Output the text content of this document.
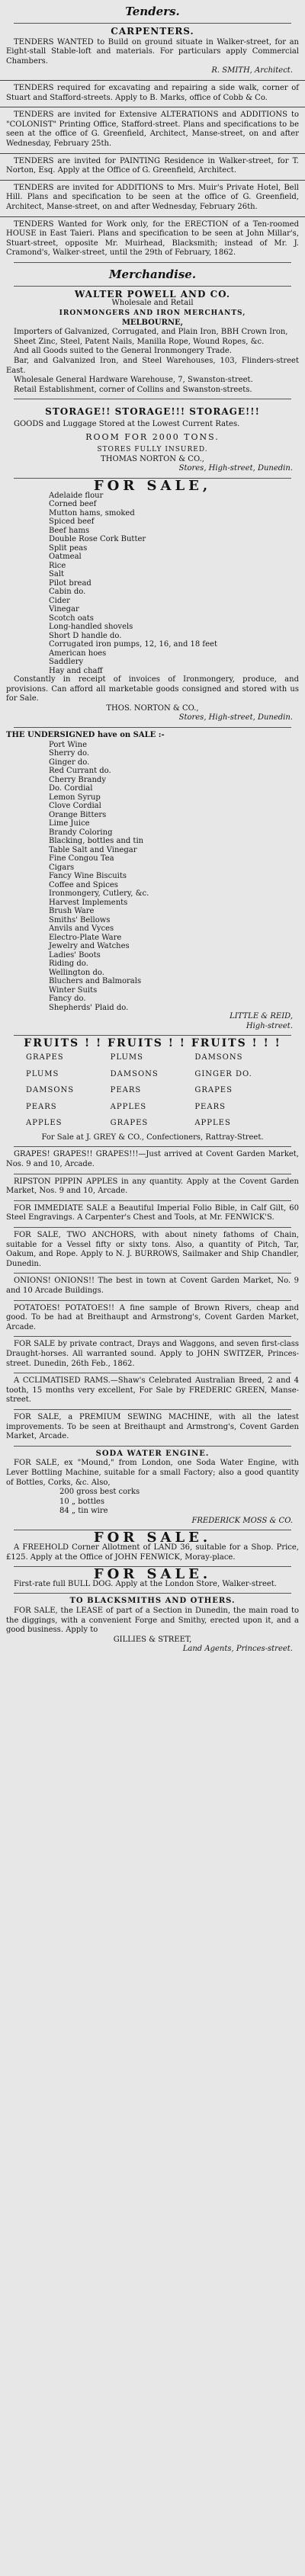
Tenders.
CARPENTERS.
TENDERS WANTED to Build on ground situate in Walker-street, for an Eight-stall Stable-loft and materials. For particulars apply Commercial Chambers.
R. SMITH, Architect.
TENDERS required for excavating and repairing a side walk, corner of Stuart and Stafford-streets. Apply to B. Marks, office of Cobb & Co.
TENDERS are invited for Extensive ALTERATIONS and ADDITIONS to "COLONIST" Printing Office, Stafford-street. Plans and specifications to be seen at the office of G. Greenfield, Architect, Manse-street, on and after Wednesday, February 25th.
TENDERS are invited for PAINTING Residence in Walker-street, for T. Norton, Esq. Apply at the Office of G. Greenfield, Architect.
TENDERS are invited for ADDITIONS to Mrs. Muir's Private Hotel, Bell Hill. Plans and specification to be seen at the office of G. Greenfield, Architect, Manse-street, on and after Wednesday, February 26th.
TENDERS Wanted for Work only, for the ERECTION of a Ten-roomed HOUSE in East Taieri. Plans and specification to be seen at John Millar's, Stuart-street, opposite Mr. Muirhead, Blacksmith; instead of Mr. J. Cramond's, Walker-street, until the 29th of February, 1862.
Merchandise.
WALTER POWELL AND CO.
Wholesale and Retail
IRONMONGERS AND IRON MERCHANTS,
MELBOURNE,
Importers of Galvanized, Corrugated, and Plain Iron, BBH Crown Iron,
Sheet Zinc, Steel, Patent Nails, Manilla Rope, Wound Ropes, &c.
And all Goods suited to the General Ironmongery Trade.
Bar, and Galvanized Iron, and Steel Warehouses, 103, Flinders-street East.
Wholesale General Hardware Warehouse, 7, Swanston-street.
Retail Establishment, corner of Collins and Swanston-streets.
STORAGE!! STORAGE!!! STORAGE!!!
GOODS and Luggage Stored at the Lowest Current Rates.
ROOM FOR 2000 TONS.
STORES FULLY INSURED.
THOMAS NORTON & CO.,
Stores, High-street, Dunedin.
FOR SALE,
Adelaide flour
Corned beef
Mutton hams, smoked
Spiced beef
Beef hams
Double Rose Cork Butter
Split peas
Oatmeal
Rice
Salt
Pilot bread
Cabin do.
Cider
Vinegar
Scotch oats
Long-handled shovels
Short D handle do.
Corrugated iron pumps, 12, 16, and 18 feet
American hoes
Saddlery
Hay and chaff
Constantly in receipt of invoices of Ironmongery, produce, and provisions. Can afford all marketable goods consigned and stored with us for Sale.
THOS. NORTON & CO.,
Stores, High-street, Dunedin.
THE UNDERSIGNED have on SALE :-
Port Wine
Sherry do.
Ginger do.
Red Currant do.
Cherry Brandy
Do. Cordial
Lemon Syrup
Clove Cordial
Orange Bitters
Lime Juice
Brandy Coloring
Blacking, bottles and tin
Table Salt and Vinegar
Fine Congou Tea
Cigars
Fancy Wine Biscuits
Coffee and Spices
Ironmongery, Cutlery, &c.
Harvest Implements
Brush Ware
Smiths' Bellows
Anvils and Vyces
Electro-Plate Ware
Jewelry and Watches
Ladies' Boots
Riding do.
Wellington do.
Bluchers and Balmorals
Winter Suits
Fancy do.
Shepherds' Plaid do.
LITTLE & REID,
High-street.
FRUITS ! ! FRUITS ! ! FRUITS ! ! !
GRAPES	PLUMS	DAMSONS
PLUMS	DAMSONS	GINGER DO.
DAMSONS	PEARS	GRAPES
PEARS	APPLES	PEARS
APPLES	GRAPES	APPLES
For Sale at J. GREY & CO., Confectioners, Rattray-Street.
GRAPES! GRAPES!! GRAPES!!!—Just arrived at Covent Garden Market, Nos. 9 and 10, Arcade.
RIPSTON PIPPIN APPLES in any quantity. Apply at the Covent Garden Market, Nos. 9 and 10, Arcade.
FOR IMMEDIATE SALE a Beautiful Imperial Folio Bible, in Calf Gilt, 60 Steel Engravings. A Carpenter's Chest and Tools, at Mr. FENWICK'S.
FOR SALE, TWO ANCHORS, with about ninety fathoms of Chain, suitable for a Vessel fifty or sixty tons. Also, a quantity of Pitch, Tar, Oakum, and Rope. Apply to N. J. BURROWS, Sailmaker and Ship Chandler, Dunedin.
ONIONS! ONIONS!! The best in town at Covent Garden Market, No. 9 and 10 Arcade Buildings.
POTATOES! POTATOES!! A fine sample of Brown Rivers, cheap and good. To be had at Breithaupt and Armstrong's, Covent Garden Market, Arcade.
FOR SALE by private contract, Drays and Waggons, and seven first-class Draught-horses. All warranted sound. Apply to JOHN SWITZER, Princes-street. Dunedin, 26th Feb., 1862.
A CCLIMATISED RAMS.—Shaw's Celebrated Australian Breed, 2 and 4 tooth, 15 months very excellent, For Sale by FREDERIC GREEN, Manse-street.
FOR SALE, a PREMIUM SEWING MACHINE, with all the latest improvements. To be seen at Breithaupt and Armstrong's, Covent Garden Market, Arcade.
SODA WATER ENGINE.
FOR SALE, ex "Mound," from London, one Soda Water Engine, with Lever Bottling Machine, suitable for a small Factory; also a good quantity of Bottles, Corks, &c. Also,
200 gross best corks
10 „ bottles
84 „ tin wire
FREDERICK MOSS & CO.
FOR SALE.
A FREEHOLD Corner Allotment of LAND 36, suitable for a Shop. Price, £125. Apply at the Office of JOHN FENWICK, Moray-place.
FOR SALE.
First-rate full BULL DOG. Apply at the London Store, Walker-street.
TO BLACKSMITHS AND OTHERS.
FOR SALE, the LEASE of part of a Section in Dunedin, the main road to the diggings, with a convenient Forge and Smithy, erected upon it, and a good business. Apply to
GILLIES & STREET,
Land Agents, Princes-street.
